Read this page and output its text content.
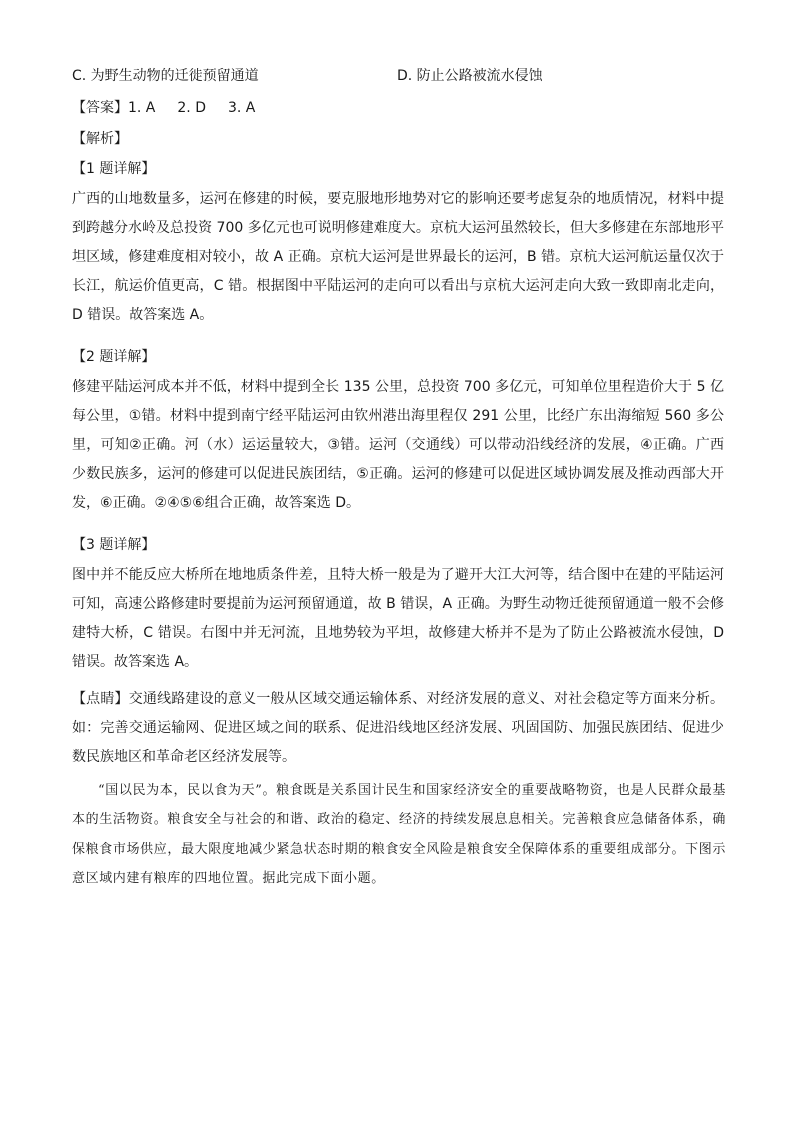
C. 为野生动物的迁徙预留通道	D. 防止公路被流水侵蚀
【答案】1. A 2. D 3. A
【解析】
【1 题详解】
广西的山地数量多，运河在修建的时候，要克服地形地势对它的影响还要考虑复杂的地质情况，材料中提到跨越分水岭及总投资 700 多亿元也可说明修建难度大。京杭大运河虽然较长，但大多修建在东部地形平坦区域，修建难度相对较小，故 A 正确。京杭大运河是世界最长的运河，B 错。京杭大运河航运量仅次于长江，航运价值更高，C 错。根据图中平陆运河的走向可以看出与京杭大运河走向大致一致即南北走向，D 错误。故答案选 A。
【2 题详解】
修建平陆运河成本并不低，材料中提到全长 135 公里，总投资 700 多亿元，可知单位里程造价大于 5 亿每公里，①错。材料中提到南宁经平陆运河由钦州港出海里程仅 291 公里，比经广东出海缩短 560 多公里，可知②正确。河（水）运运量较大，③错。运河（交通线）可以带动沿线经济的发展，④正确。广西少数民族多，运河的修建可以促进民族团结，⑤正确。运河的修建可以促进区域协调发展及推动西部大开发，⑥正确。②④⑤⑥组合正确，故答案选 D。
【3 题详解】
图中并不能反应大桥所在地地质条件差，且特大桥一般是为了避开大江大河等，结合图中在建的平陆运河可知，高速公路修建时要提前为运河预留通道，故 B 错误，A 正确。为野生动物迁徙预留通道一般不会修建特大桥，C 错误。右图中并无河流，且地势较为平坦，故修建大桥并不是为了防止公路被流水侵蚀，D 错误。故答案选 A。
【点睛】交通线路建设的意义一般从区域交通运输体系、对经济发展的意义、对社会稳定等方面来分析。如：完善交通运输网、促进区域之间的联系、促进沿线地区经济发展、巩固国防、加强民族团结、促进少数民族地区和革命老区经济发展等。
“国以民为本，民以食为天”。粮食既是关系国计民生和国家经济安全的重要战略物资，也是人民群众最基本的生活物资。粮食安全与社会的和谐、政治的稳定、经济的持续发展息息相关。完善粮食应急储备体系，确保粮食市场供应，最大限度地减少紧急状态时期的粮食安全风险是粮食安全保障体系的重要组成部分。下图示意区域内建有粮库的四地位置。据此完成下面小题。
